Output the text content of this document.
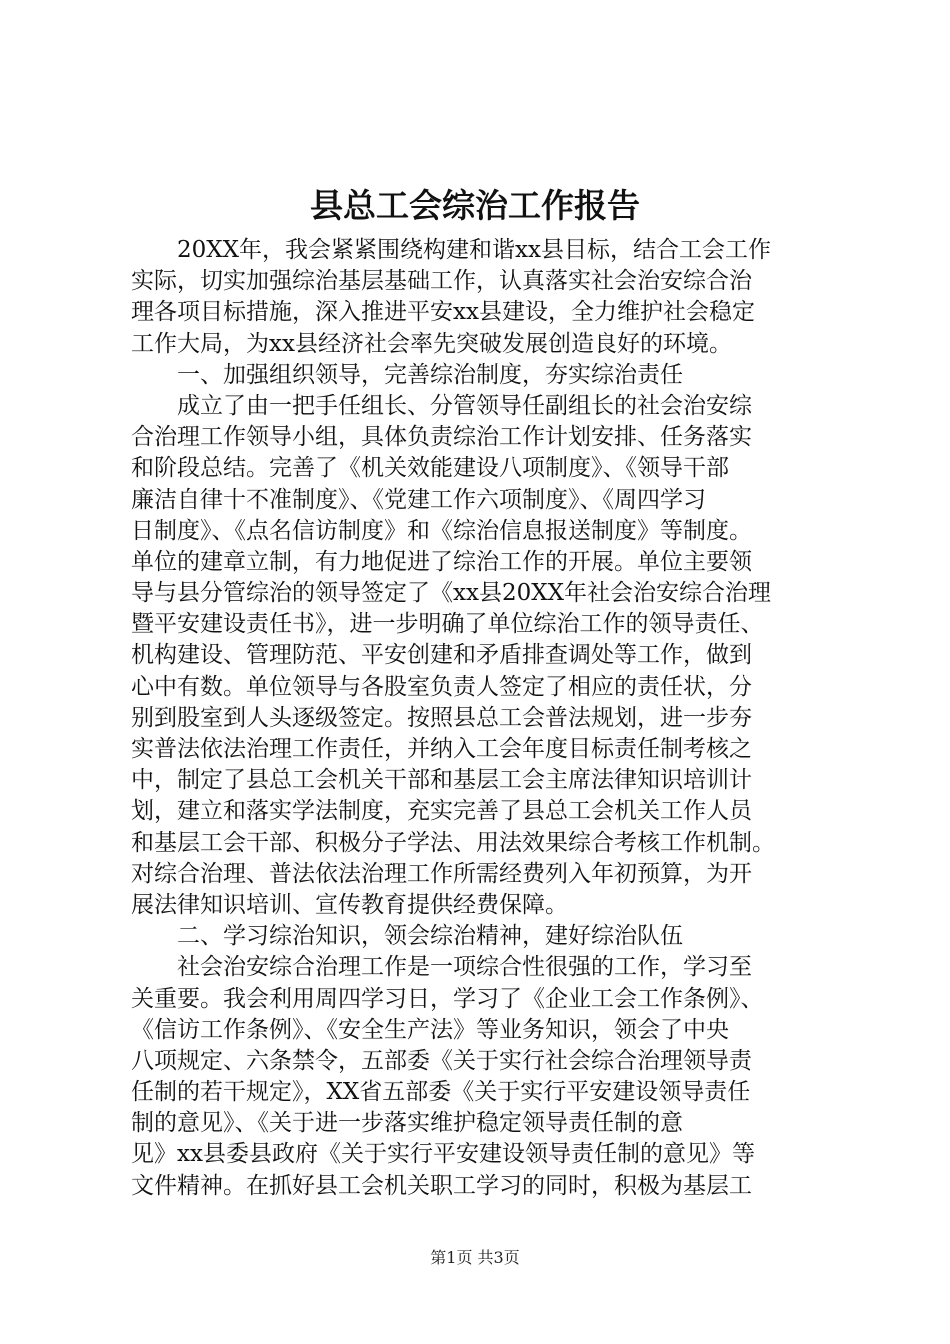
县总工会综治工作报告
　　20XX年，我会紧紧围绕构建和谐xx县目标，结合工会工作
实际，切实加强综治基层基础工作，认真落实社会治安综合治
理各项目标措施，深入推进平安xx县建设，全力维护社会稳定
工作大局，为xx县经济社会率先突破发展创造良好的环境。
　　一、加强组织领导，完善综治制度，夯实综治责任
　　成立了由一把手任组长、分管领导任副组长的社会治安综
合治理工作领导小组，具体负责综治工作计划安排、任务落实
和阶段总结。完善了《机关效能建设八项制度》、《领导干部
廉洁自律十不准制度》、《党建工作六项制度》、《周四学习
日制度》、《点名信访制度》和《综治信息报送制度》等制度。
单位的建章立制，有力地促进了综治工作的开展。单位主要领
导与县分管综治的领导签定了《xx县20XX年社会治安综合治理
暨平安建设责任书》，进一步明确了单位综治工作的领导责任、
机构建设、管理防范、平安创建和矛盾排查调处等工作，做到
心中有数。单位领导与各股室负责人签定了相应的责任状，分
别到股室到人头逐级签定。按照县总工会普法规划，进一步夯
实普法依法治理工作责任，并纳入工会年度目标责任制考核之
中，制定了县总工会机关干部和基层工会主席法律知识培训计
划，建立和落实学法制度，充实完善了县总工会机关工作人员
和基层工会干部、积极分子学法、用法效果综合考核工作机制。
对综合治理、普法依法治理工作所需经费列入年初预算，为开
展法律知识培训、宣传教育提供经费保障。
　　二、学习综治知识，领会综治精神，建好综治队伍
　　社会治安综合治理工作是一项综合性很强的工作，学习至
关重要。我会利用周四学习日，学习了《企业工会工作条例》、
《信访工作条例》、《安全生产法》等业务知识，领会了中央
八项规定、六条禁令，五部委《关于实行社会综合治理领导责
任制的若干规定》，XX省五部委《关于实行平安建设领导责任
制的意见》、《关于进一步落实维护稳定领导责任制的意
见》xx县委县政府《关于实行平安建设领导责任制的意见》等
文件精神。在抓好县工会机关职工学习的同时，积极为基层工
第1页 共3页
